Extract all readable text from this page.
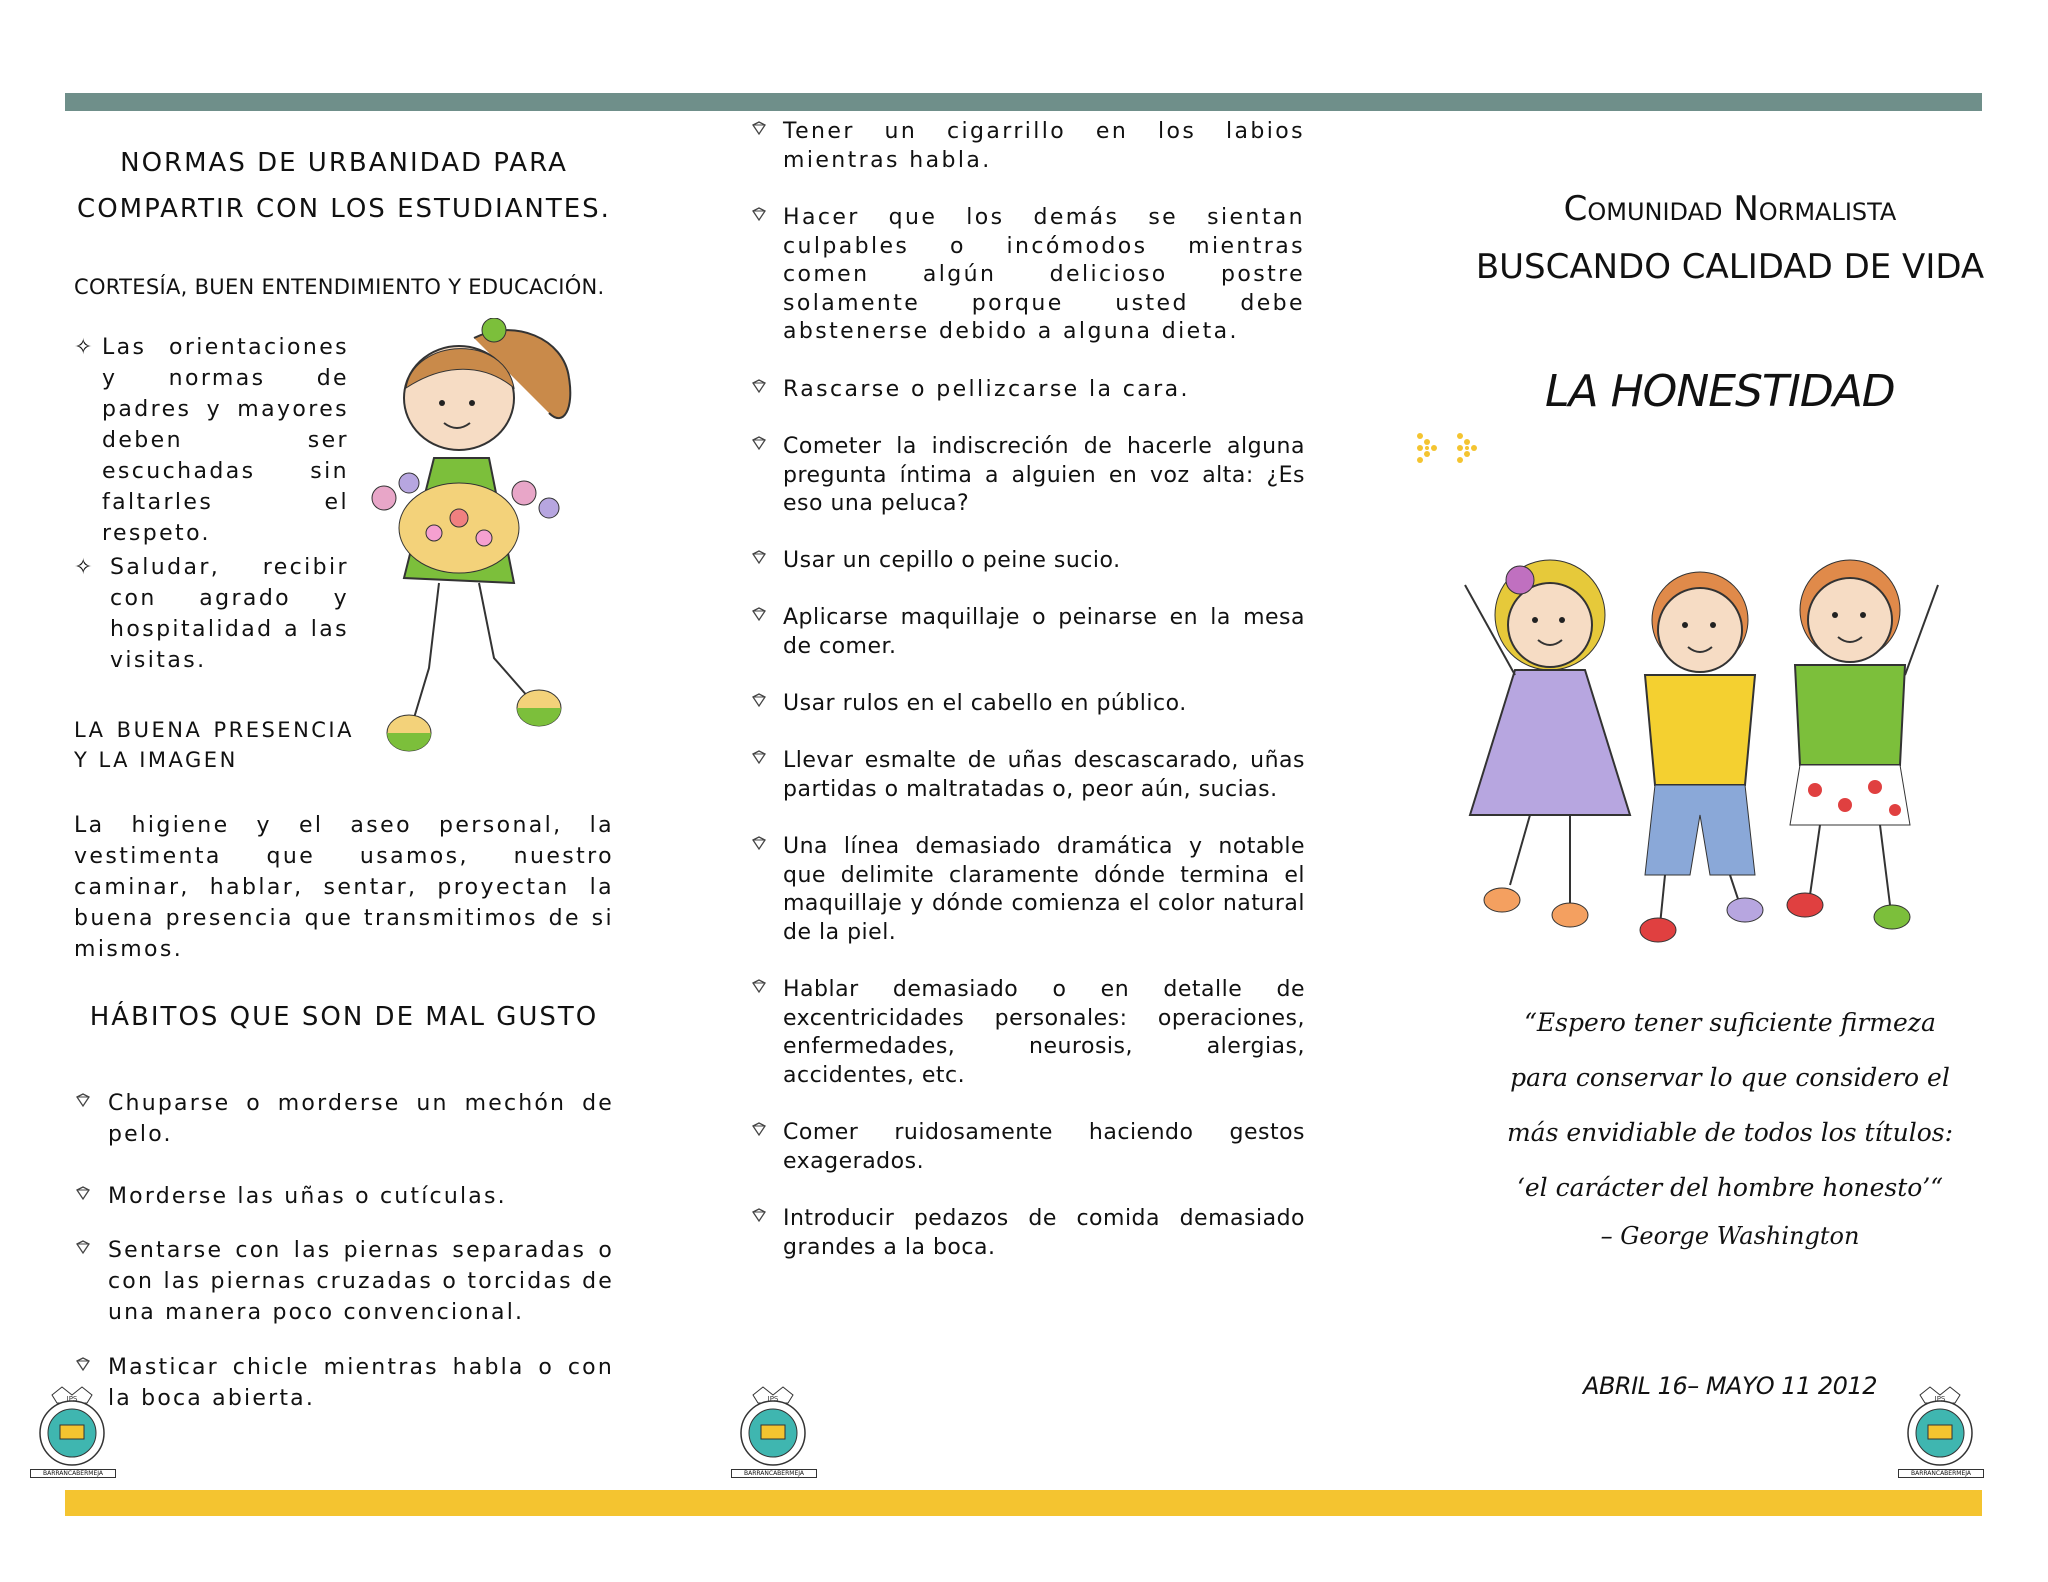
NORMAS DE URBANIDAD PARA
COMPARTIR CON LOS ESTUDIANTES.
CORTESÍA, BUEN ENTENDIMIENTO Y EDUCACIÓN.
✧ Las orientaciones y normas de padres y mayores deben ser escuchadas sin faltarles el respeto.
✧ Saludar, recibir con agrado y hospitalidad a las visitas.
LA BUENA PRESENCIA Y LA IMAGEN
La higiene y el aseo personal, la vestimenta que usamos, nuestro caminar, hablar, sentar, proyectan la buena presencia que transmitimos de si mismos.
HÁBITOS QUE SON DE MAL GUSTO
Chuparse o morderse un mechón de pelo.
Morderse las uñas o cutículas.
Sentarse con las piernas separadas o con las piernas cruzadas o torcidas de una manera poco convencional.
Masticar chicle mientras habla o con la boca abierta.
Tener un cigarrillo en los labios mientras habla.
Hacer que los demás se sientan culpables o incómodos mientras comen algún delicioso postre solamente porque usted debe abstenerse debido a alguna dieta.
Rascarse o pellizcarse la cara.
Cometer la indiscreción de hacerle alguna pregunta íntima a alguien en voz alta: ¿Es eso una peluca?
Usar un cepillo o peine sucio.
Aplicarse maquillaje o peinarse en la mesa de comer.
Usar rulos en el cabello en público.
Llevar esmalte de uñas descascarado, uñas partidas o maltratadas o, peor aún, sucias.
Una línea demasiado dramática y notable que delimite claramente dónde termina el maquillaje y dónde comienza el color natural de la piel.
Hablar demasiado o en detalle de excentricidades personales: operaciones, enfermedades, neurosis, alergias, accidentes, etc.
Comer ruidosamente haciendo gestos exagerados.
Introducir pedazos de comida demasiado grandes a la boca.
Comunidad Normalista
BUSCANDO CALIDAD DE VIDA
LA HONESTIDAD
“Espero tener suficiente firmeza
para conservar lo que considero el
más envidiable de todos los títulos:
‘el carácter del hombre honesto’“
– George Washington
ABRIL 16– MAYO 11 2012
IPS
BARRANCABERMEJA
IPS
BARRANCABERMEJA
IPS
BARRANCABERMEJA
